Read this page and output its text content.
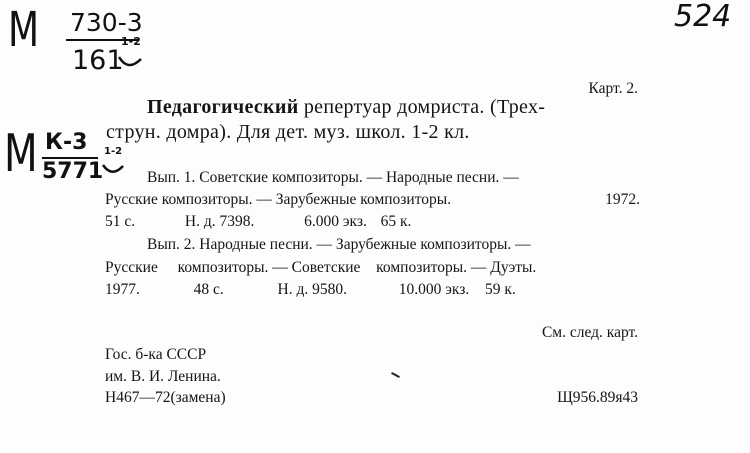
М 730-3
161
1-2
524
М К-3
5771
1-2
Карт. 2.
Педагогический репертуар домриста. (Трех-
струн. домра). Для дет. муз. школ. 1-2 кл.
Вып. 1. Советские композиторы. — Народные песни. —
Русские композиторы. — Зарубежные композиторы.	1972.
51 с.	Н. д. 7398.	6.000 экз. 65 к.
Вып. 2. Народные песни. — Зарубежные композиторы. —
Русские композиторы. — Советские композиторы. — Дуэты.
1977.	48 с.	Н. д. 9580.	10.000 экз. 59 к.
См. след. карт.
Гос. б-ка СССР
им. В. И. Ленина.
Н467—72(замена)	Щ956.89я43
